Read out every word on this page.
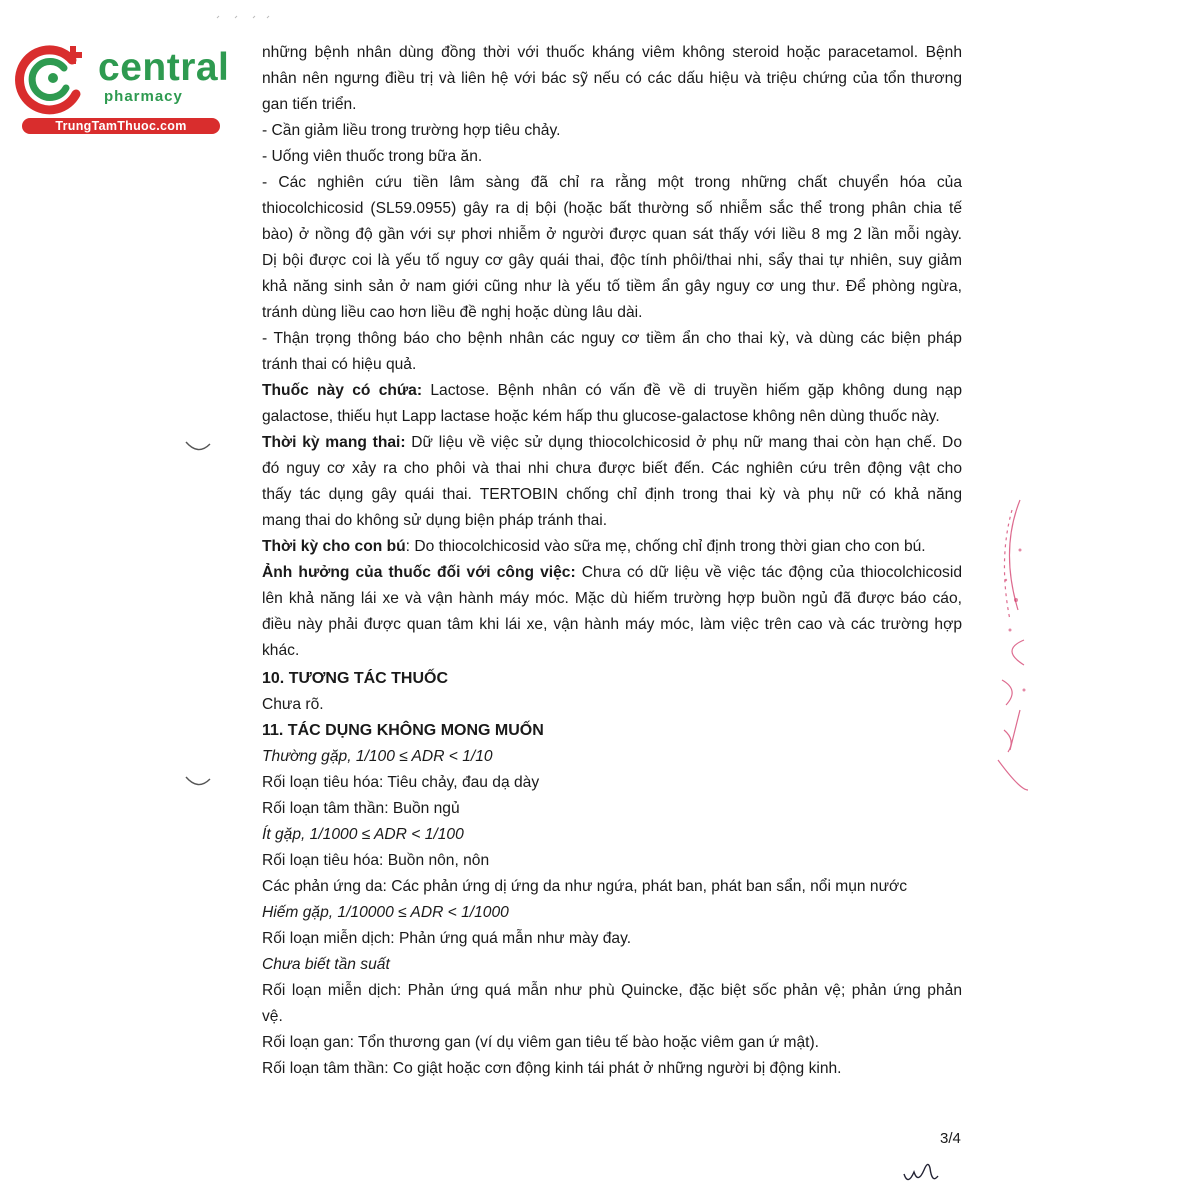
central
pharmacy
TrungTamThuoc.com
những bệnh nhân dùng đồng thời với thuốc kháng viêm không steroid hoặc paracetamol. Bệnh
nhân nên ngưng điều trị và liên hệ với bác sỹ nếu có các dấu hiệu và triệu chứng của tổn thương
gan tiến triển.
- Cần giảm liều trong trường hợp tiêu chảy.
- Uống viên thuốc trong bữa ăn.
- Các nghiên cứu tiền lâm sàng đã chỉ ra rằng một trong những chất chuyển hóa của
thiocolchicosid (SL59.0955) gây ra dị bội (hoặc bất thường số nhiễm sắc thể trong phân chia tế
bào) ở nồng độ gần với sự phơi nhiễm ở người được quan sát thấy với liều 8 mg 2 lần mỗi ngày.
Dị bội được coi là yếu tố nguy cơ gây quái thai, độc tính phôi/thai nhi, sẩy thai tự nhiên, suy giảm
khả năng sinh sản ở nam giới cũng như là yếu tố tiềm ẩn gây nguy cơ ung thư. Để phòng ngừa,
tránh dùng liều cao hơn liều đề nghị hoặc dùng lâu dài.
- Thận trọng thông báo cho bệnh nhân các nguy cơ tiềm ẩn cho thai kỳ, và dùng các biện pháp
tránh thai có hiệu quả.
Thuốc này có chứa: Lactose. Bệnh nhân có vấn đề về di truyền hiếm gặp không dung nạp
galactose, thiếu hụt Lapp lactase hoặc kém hấp thu glucose-galactose không nên dùng thuốc này.
Thời kỳ mang thai: Dữ liệu về việc sử dụng thiocolchicosid ở phụ nữ mang thai còn hạn chế. Do
đó nguy cơ xảy ra cho phôi và thai nhi chưa được biết đến. Các nghiên cứu trên động vật cho
thấy tác dụng gây quái thai. TERTOBIN chống chỉ định trong thai kỳ và phụ nữ có khả năng
mang thai do không sử dụng biện pháp tránh thai.
Thời kỳ cho con bú: Do thiocolchicosid vào sữa mẹ, chống chỉ định trong thời gian cho con bú.
Ảnh hưởng của thuốc đối với công việc: Chưa có dữ liệu về việc tác động của thiocolchicosid
lên khả năng lái xe và vận hành máy móc. Mặc dù hiếm trường hợp buồn ngủ đã được báo cáo,
điều này phải được quan tâm khi lái xe, vận hành máy móc, làm việc trên cao và các trường hợp
khác.
10. TƯƠNG TÁC THUỐC
Chưa rõ.
11. TÁC DỤNG KHÔNG MONG MUỐN
Thường gặp, 1/100 ≤ ADR < 1/10
Rối loạn tiêu hóa: Tiêu chảy, đau dạ dày
Rối loạn tâm thần: Buồn ngủ
Ít gặp, 1/1000 ≤ ADR < 1/100
Rối loạn tiêu hóa: Buồn nôn, nôn
Các phản ứng da: Các phản ứng dị ứng da như ngứa, phát ban, phát ban sẩn, nổi mụn nước
Hiếm gặp, 1/10000 ≤ ADR < 1/1000
Rối loạn miễn dịch: Phản ứng quá mẫn như mày đay.
Chưa biết tần suất
Rối loạn miễn dịch: Phản ứng quá mẫn như phù Quincke, đặc biệt sốc phản vệ; phản ứng phản
vệ.
Rối loạn gan: Tổn thương gan (ví dụ viêm gan tiêu tế bào hoặc viêm gan ứ mật).
Rối loạn tâm thần: Co giật hoặc cơn động kinh tái phát ở những người bị động kinh.
3/4
